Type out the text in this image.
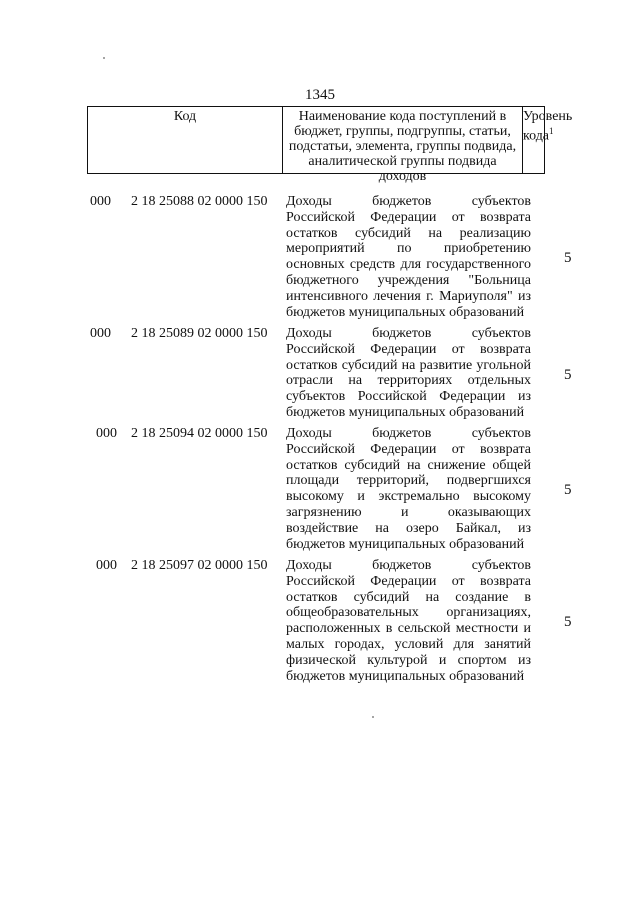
1345
Код	Наименование кода поступлений в
бюджет, группы, подгруппы, статьи,
подстатьи, элемента, группы подвида,
аналитической группы подвида доходов
Уровень
кода$^1$
000 2 18 25088 02 0000 150 Доходы бюджетов субъектов
Российской Федерации от возврата
остатков субсидий на реализацию
мероприятий по приобретению
основных средств для государственного
бюджетного учреждения "Больница
интенсивного лечения г. Мариуполя" из
бюджетов муниципальных образований
5
000 2 18 25089 02 0000 150 Доходы бюджетов субъектов
Российской Федерации от возврата
остатков субсидий на развитие угольной
отрасли на территориях отдельных
субъектов Российской Федерации из
бюджетов муниципальных образований
5
000 2 18 25094 02 0000 150 Доходы бюджетов субъектов
Российской Федерации от возврата
остатков субсидий на снижение общей
площади территорий, подвергшихся
высокому и экстремально высокому
загрязнению и оказывающих
воздействие на озеро Байкал, из
бюджетов муниципальных образований
5
000 2 18 25097 02 0000 150 Доходы бюджетов субъектов
Российской Федерации от возврата
остатков субсидий на создание в
общеобразовательных организациях,
расположенных в сельской местности и
малых городах, условий для занятий
физической культурой и спортом из
бюджетов муниципальных образований
5
